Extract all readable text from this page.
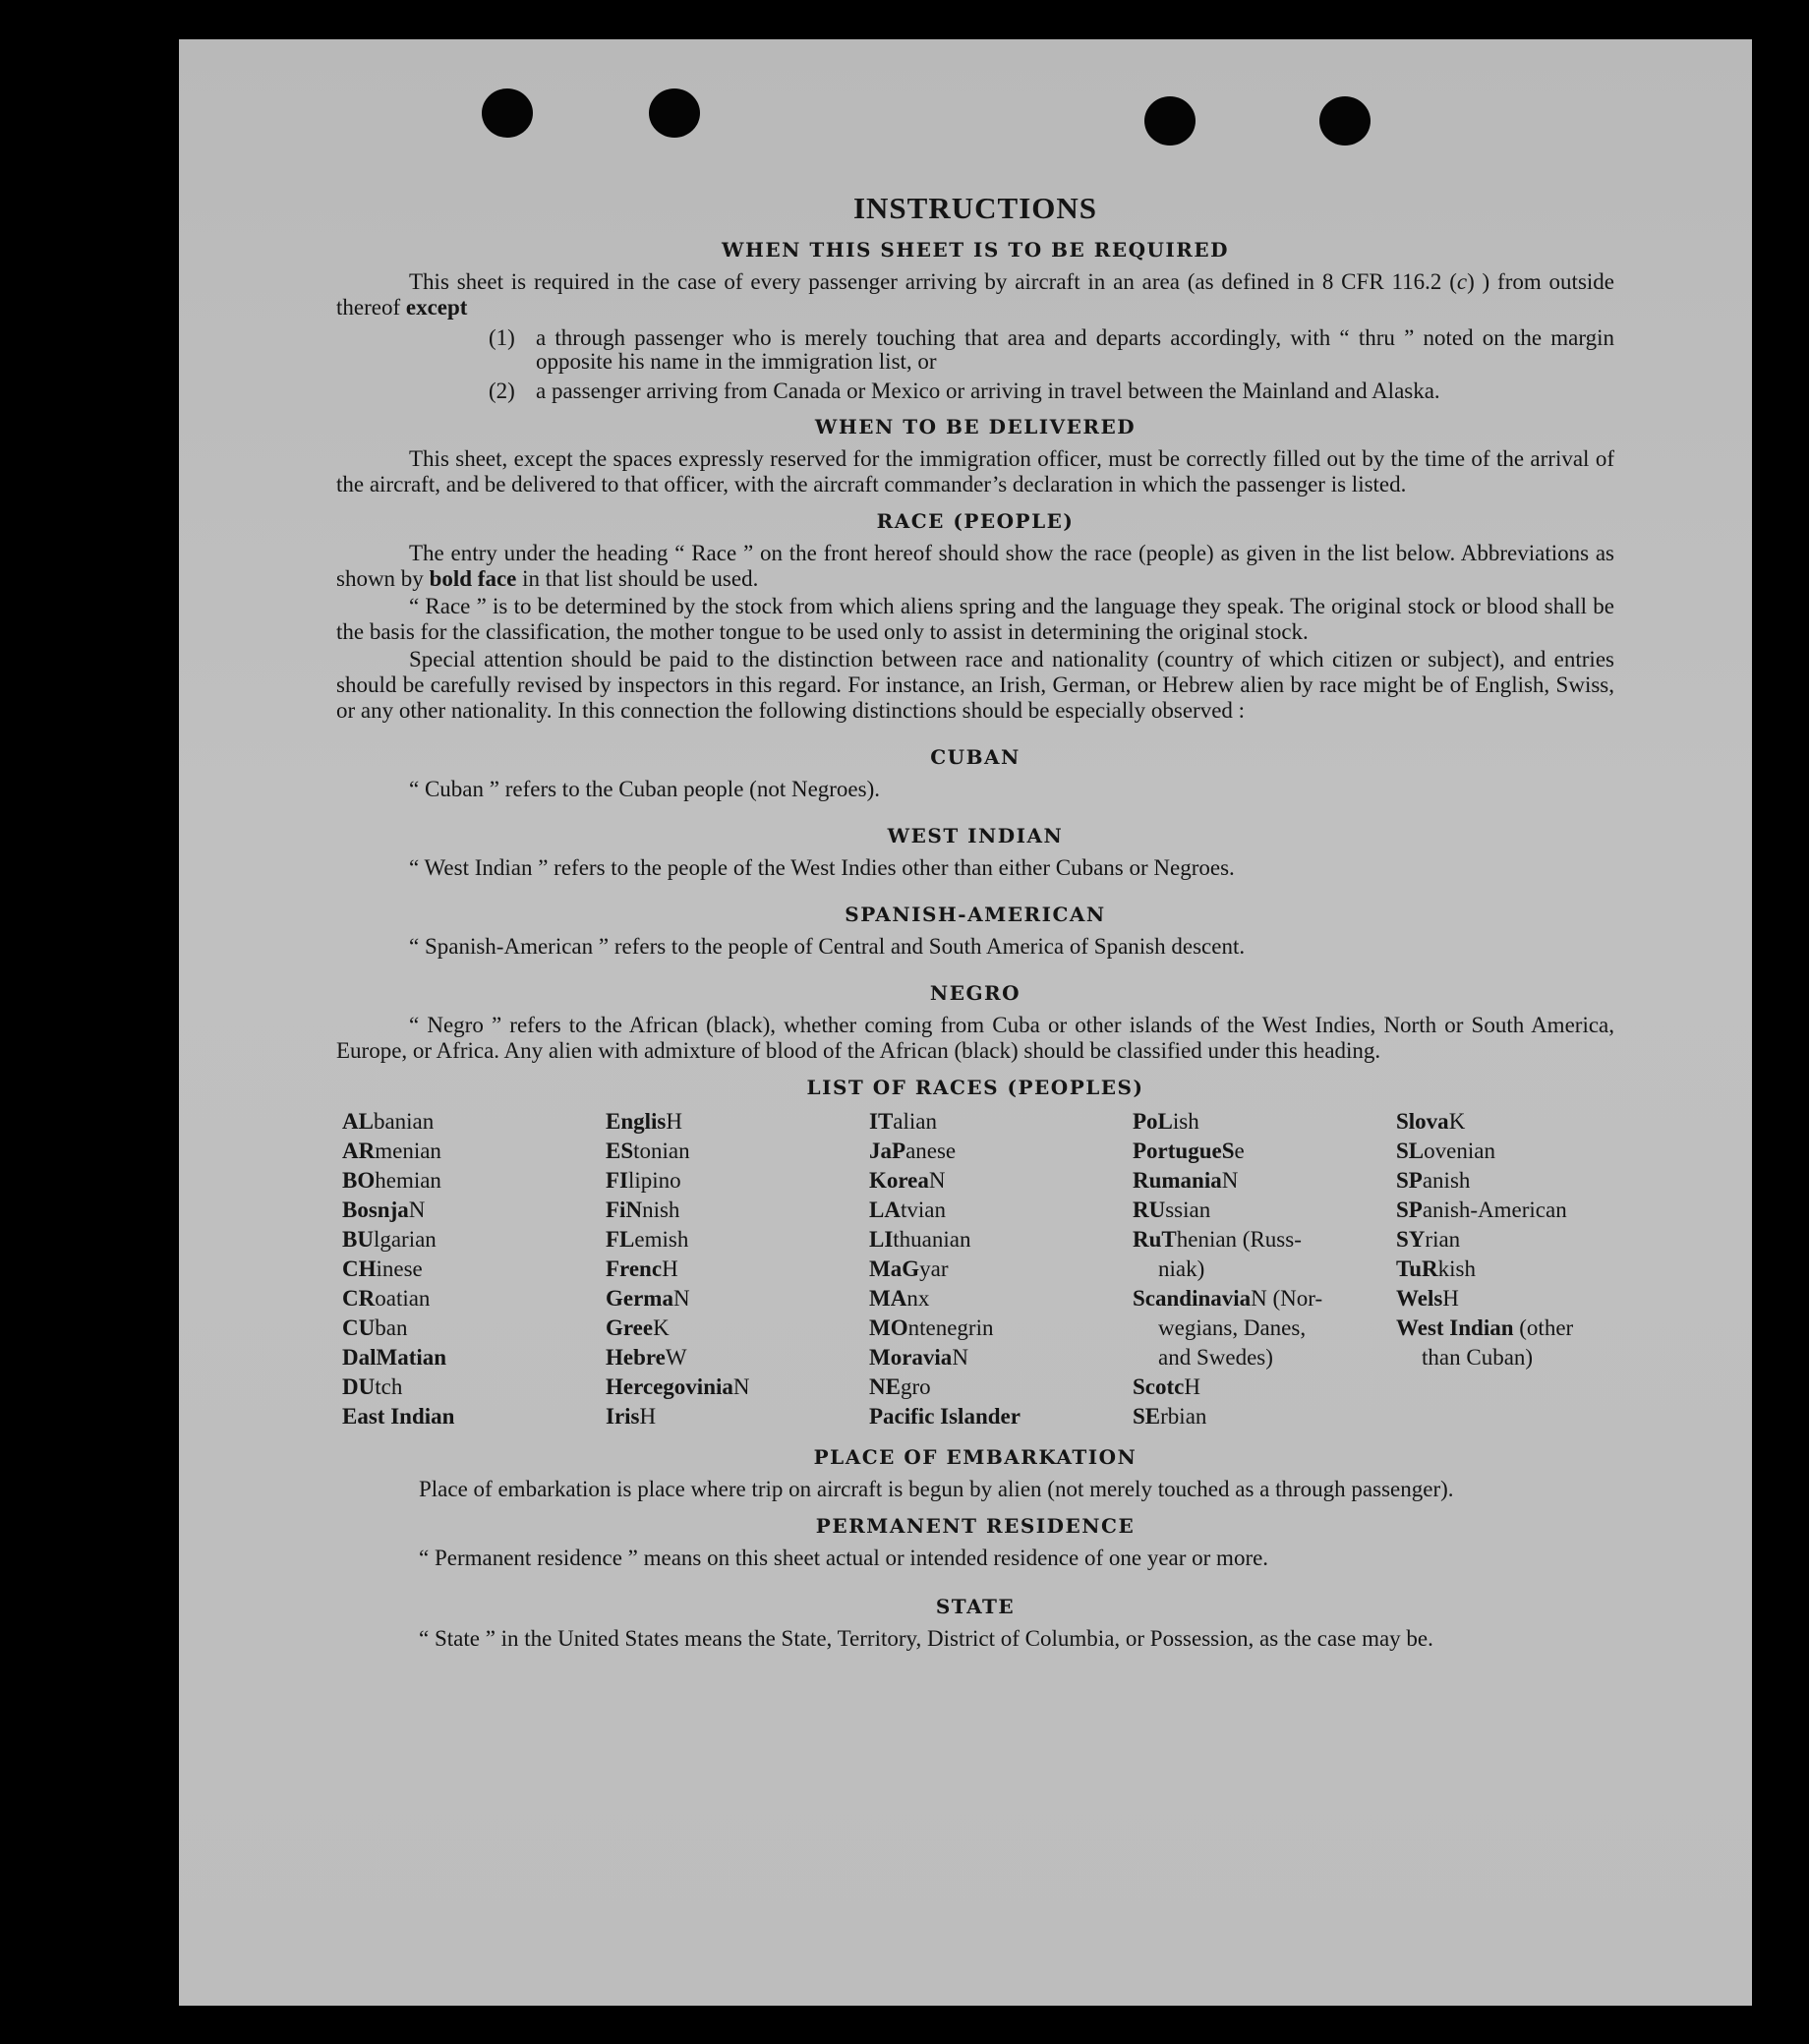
INSTRUCTIONS
WHEN THIS SHEET IS TO BE REQUIRED

This sheet is required in the case of every passenger arriving by aircraft in an area (as defined in 8 CFR 116.2 (c) ) from outside thereof except

(1) a through passenger who is merely touching that area and departs accordingly, with “ thru ” noted on the margin opposite his name in the immigration list, or
(2) a passenger arriving from Canada or Mexico or arriving in travel between the Mainland and Alaska.
WHEN TO BE DELIVERED

This sheet, except the spaces expressly reserved for the immigration officer, must be correctly filled out by the time of the arrival of the aircraft, and be delivered to that officer, with the aircraft commander’s declaration in which the passenger is listed.

RACE (PEOPLE)

The entry under the heading “ Race ” on the front hereof should show the race (people) as given in the list below. Abbreviations as shown by bold face in that list should be used.

“ Race ” is to be determined by the stock from which aliens spring and the language they speak. The original stock or blood shall be the basis for the classification, the mother tongue to be used only to assist in determining the original stock.

Special attention should be paid to the distinction between race and nationality (country of which citizen or subject), and entries should be carefully revised by inspectors in this regard. For instance, an Irish, German, or Hebrew alien by race might be of English, Swiss, or any other nationality. In this connection the following distinctions should be especially observed :

CUBAN

“ Cuban ” refers to the Cuban people (not Negroes).

WEST INDIAN

“ West Indian ” refers to the people of the West Indies other than either Cubans or Negroes.

SPANISH-AMERICAN

“ Spanish-American ” refers to the people of Central and South America of Spanish descent.

NEGRO

“ Negro ” refers to the African (black), whether coming from Cuba or other islands of the West Indies, North or South America, Europe, or Africa. Any alien with admixture of blood of the African (black) should be classified under this heading.

LIST OF RACES (PEOPLES)
ALbanian
ARmenian
BOhemian
BosnjaN
BUlgarian
CHinese
CRoatian
CUban
DalMatian
DUtch
East Indian
EnglisH
EStonian
FIlipino
FiNnish
FLemish
FrencH
GermaN
GreeK
HebreW
HercegoviniaN
IrisH
ITalian
JaPanese
KoreaN
LAtvian
LIthuanian
MaGyar
MAnx
MOntenegrin
MoraviaN
NEgro
Pacific Islander
PoLish
PortugueSe
RumaniaN
RUssian
RuThenian (Russ-
niak)
ScandinaviaN (Nor-
wegians, Danes,
and Swedes)
ScotcH
SErbian
SlovaK
SLovenian
SPanish
SPanish-American
SYrian
TuRkish
WelsH
West Indian (other
than Cuban)
PLACE OF EMBARKATION

Place of embarkation is place where trip on aircraft is begun by alien (not merely touched as a through passenger).

PERMANENT RESIDENCE

“ Permanent residence ” means on this sheet actual or intended residence of one year or more.

STATE

“ State ” in the United States means the State, Territory, District of Columbia, or Possession, as the case may be.
